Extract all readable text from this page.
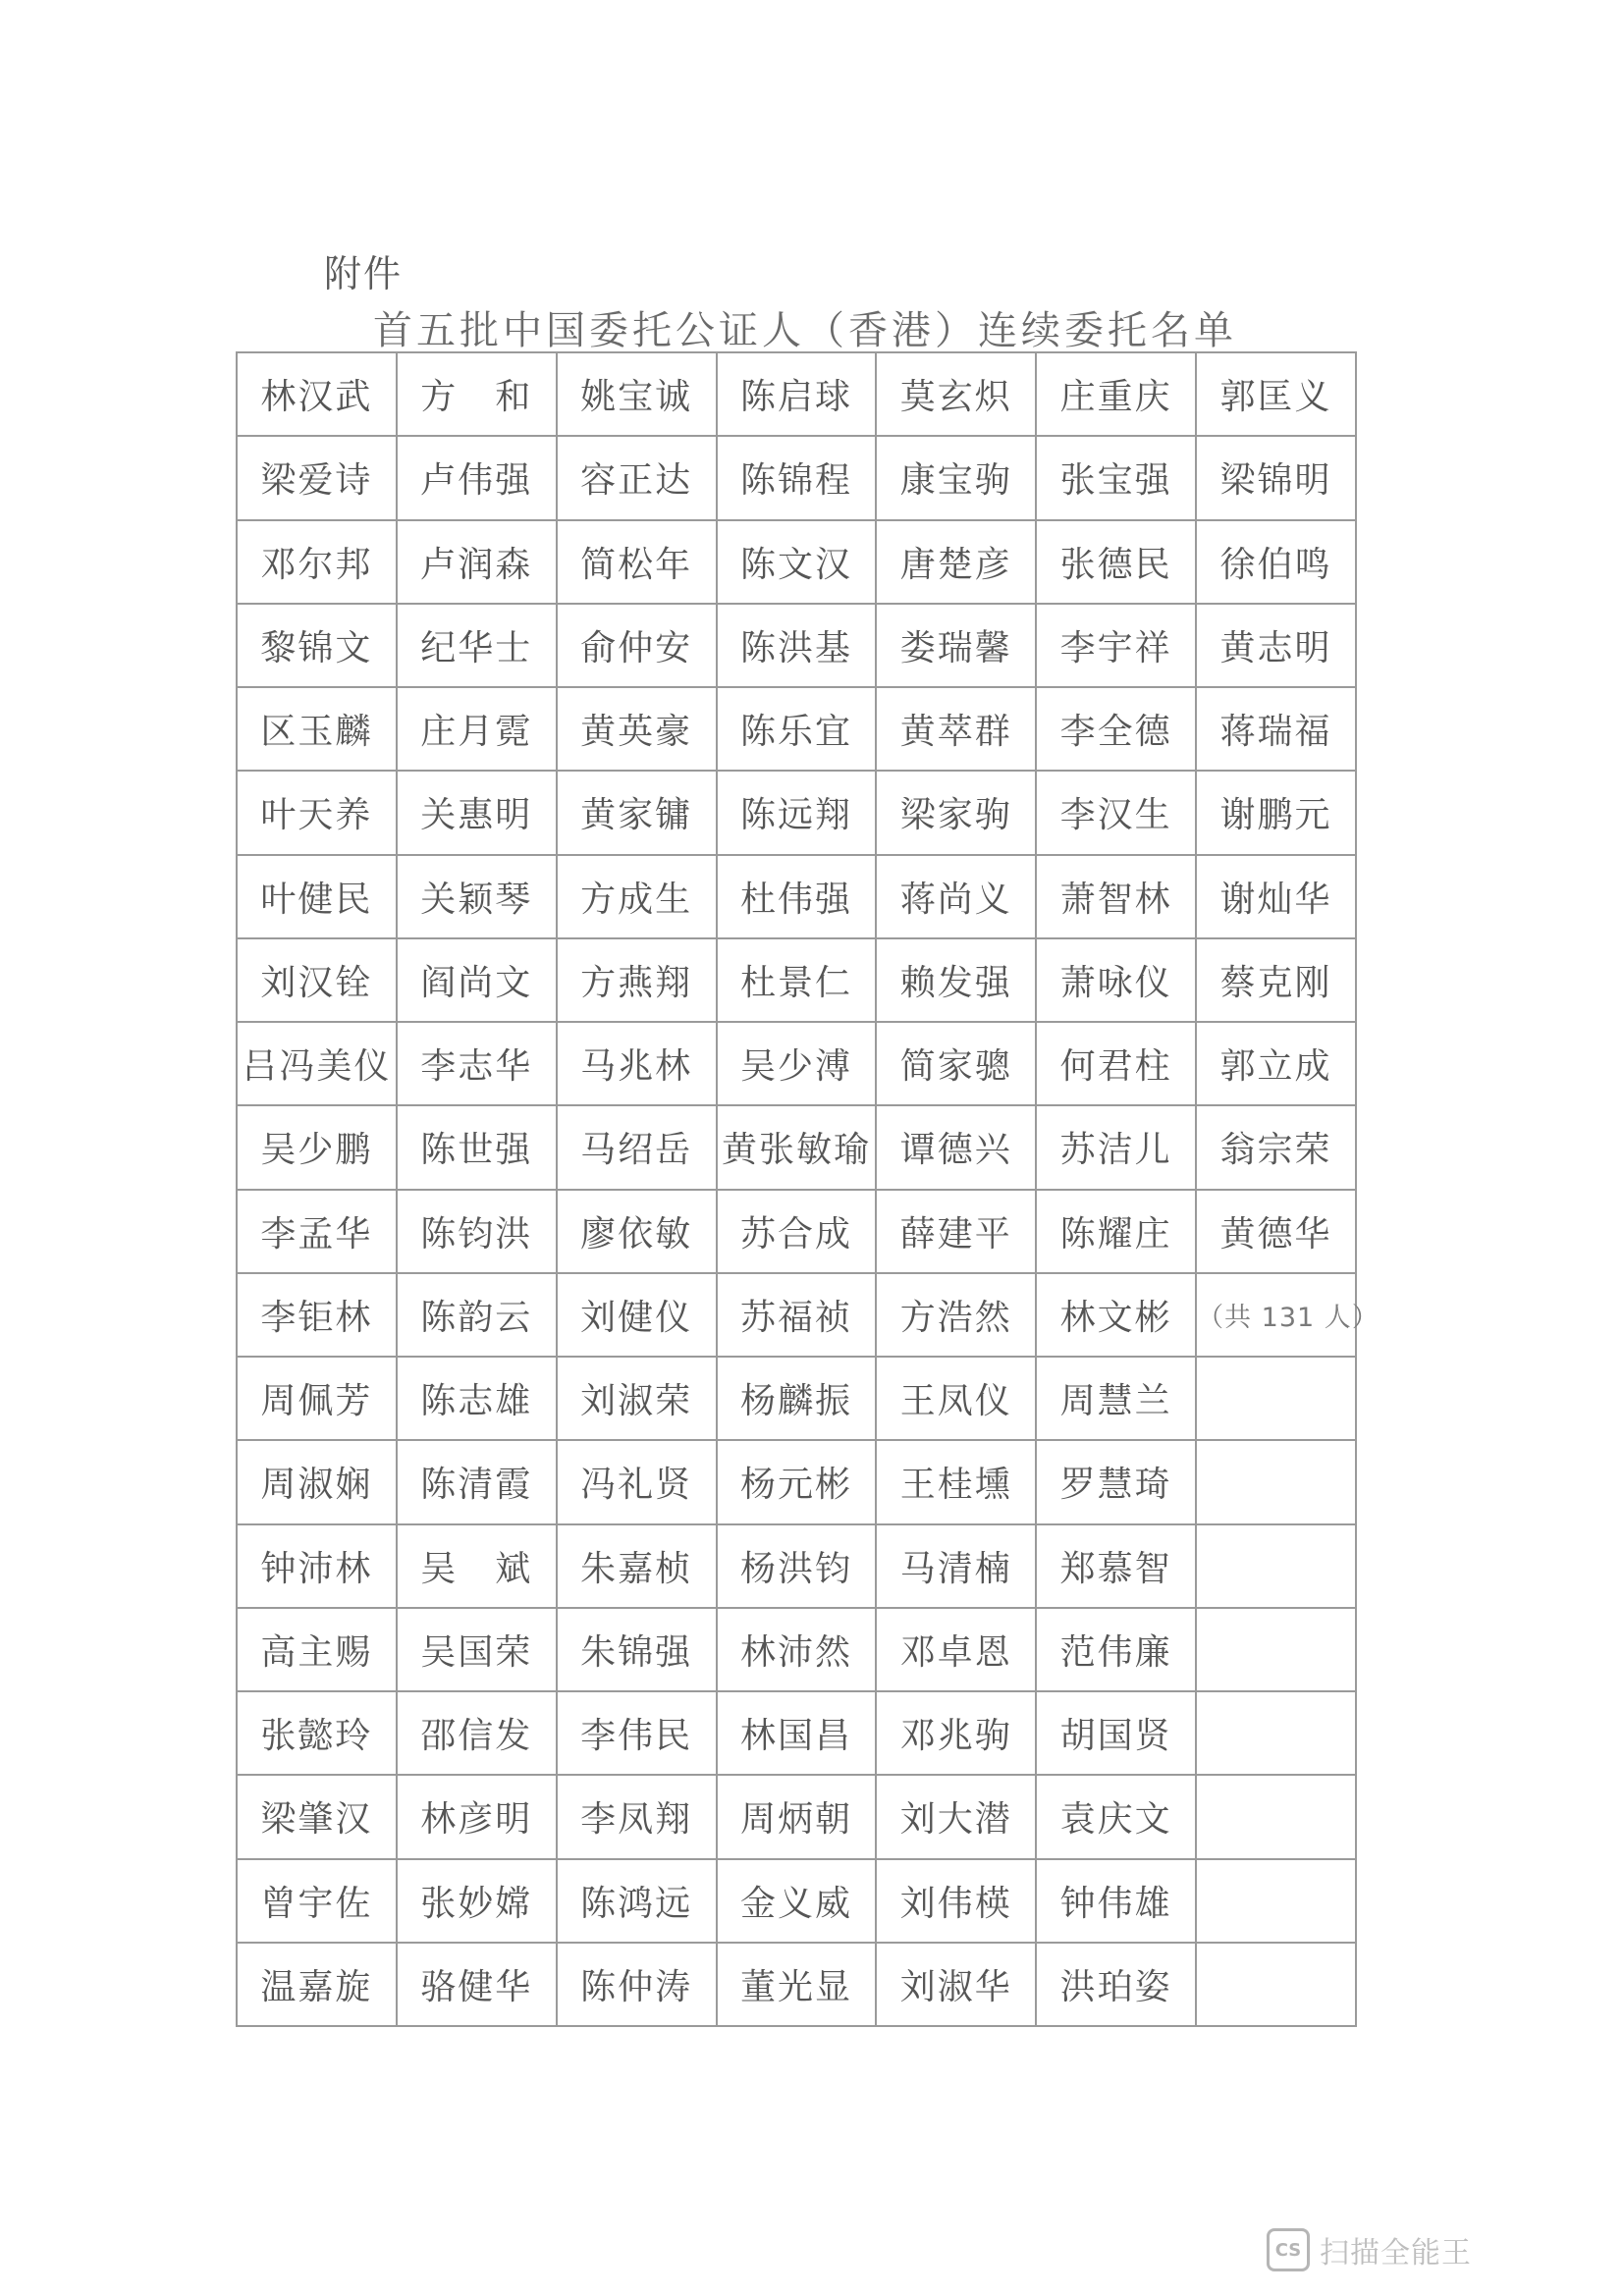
附件
首五批中国委托公证人（香港）连续委托名单
林汉武	方　和	姚宝诚	陈启球	莫玄炽	庄重庆	郭匡义
梁爱诗	卢伟强	容正达	陈锦程	康宝驹	张宝强	梁锦明
邓尔邦	卢润森	简松年	陈文汉	唐楚彦	张德民	徐伯鸣
黎锦文	纪华士	俞仲安	陈洪基	娄瑞馨	李宇祥	黄志明
区玉麟	庄月霓	黄英豪	陈乐宜	黄萃群	李全德	蒋瑞福
叶天养	关惠明	黄家镛	陈远翔	梁家驹	李汉生	谢鹏元
叶健民	关颖琴	方成生	杜伟强	蒋尚义	萧智林	谢灿华
刘汉铨	阎尚文	方燕翔	杜景仁	赖发强	萧咏仪	蔡克刚
吕冯美仪	李志华	马兆林	吴少溥	简家骢	何君柱	郭立成
吴少鹏	陈世强	马绍岳	黄张敏瑜	谭德兴	苏洁儿	翁宗荣
李孟华	陈钧洪	廖依敏	苏合成	薛建平	陈耀庄	黄德华
李钜林	陈韵云	刘健仪	苏福祯	方浩然	林文彬	（共 131 人）
周佩芳	陈志雄	刘淑荣	杨麟振	王凤仪	周慧兰	
周淑娴	陈清霞	冯礼贤	杨元彬	王桂壎	罗慧琦	
钟沛林	吴　斌	朱嘉桢	杨洪钧	马清楠	郑慕智	
高主赐	吴国荣	朱锦强	林沛然	邓卓恩	范伟廉	
张懿玲	邵信发	李伟民	林国昌	邓兆驹	胡国贤	
梁肇汉	林彦明	李凤翔	周炳朝	刘大潜	袁庆文	
曾宇佐	张妙嫦	陈鸿远	金义威	刘伟楧	钟伟雄	
温嘉旋	骆健华	陈仲涛	董光显	刘淑华	洪珀姿	
CS 扫描全能王
